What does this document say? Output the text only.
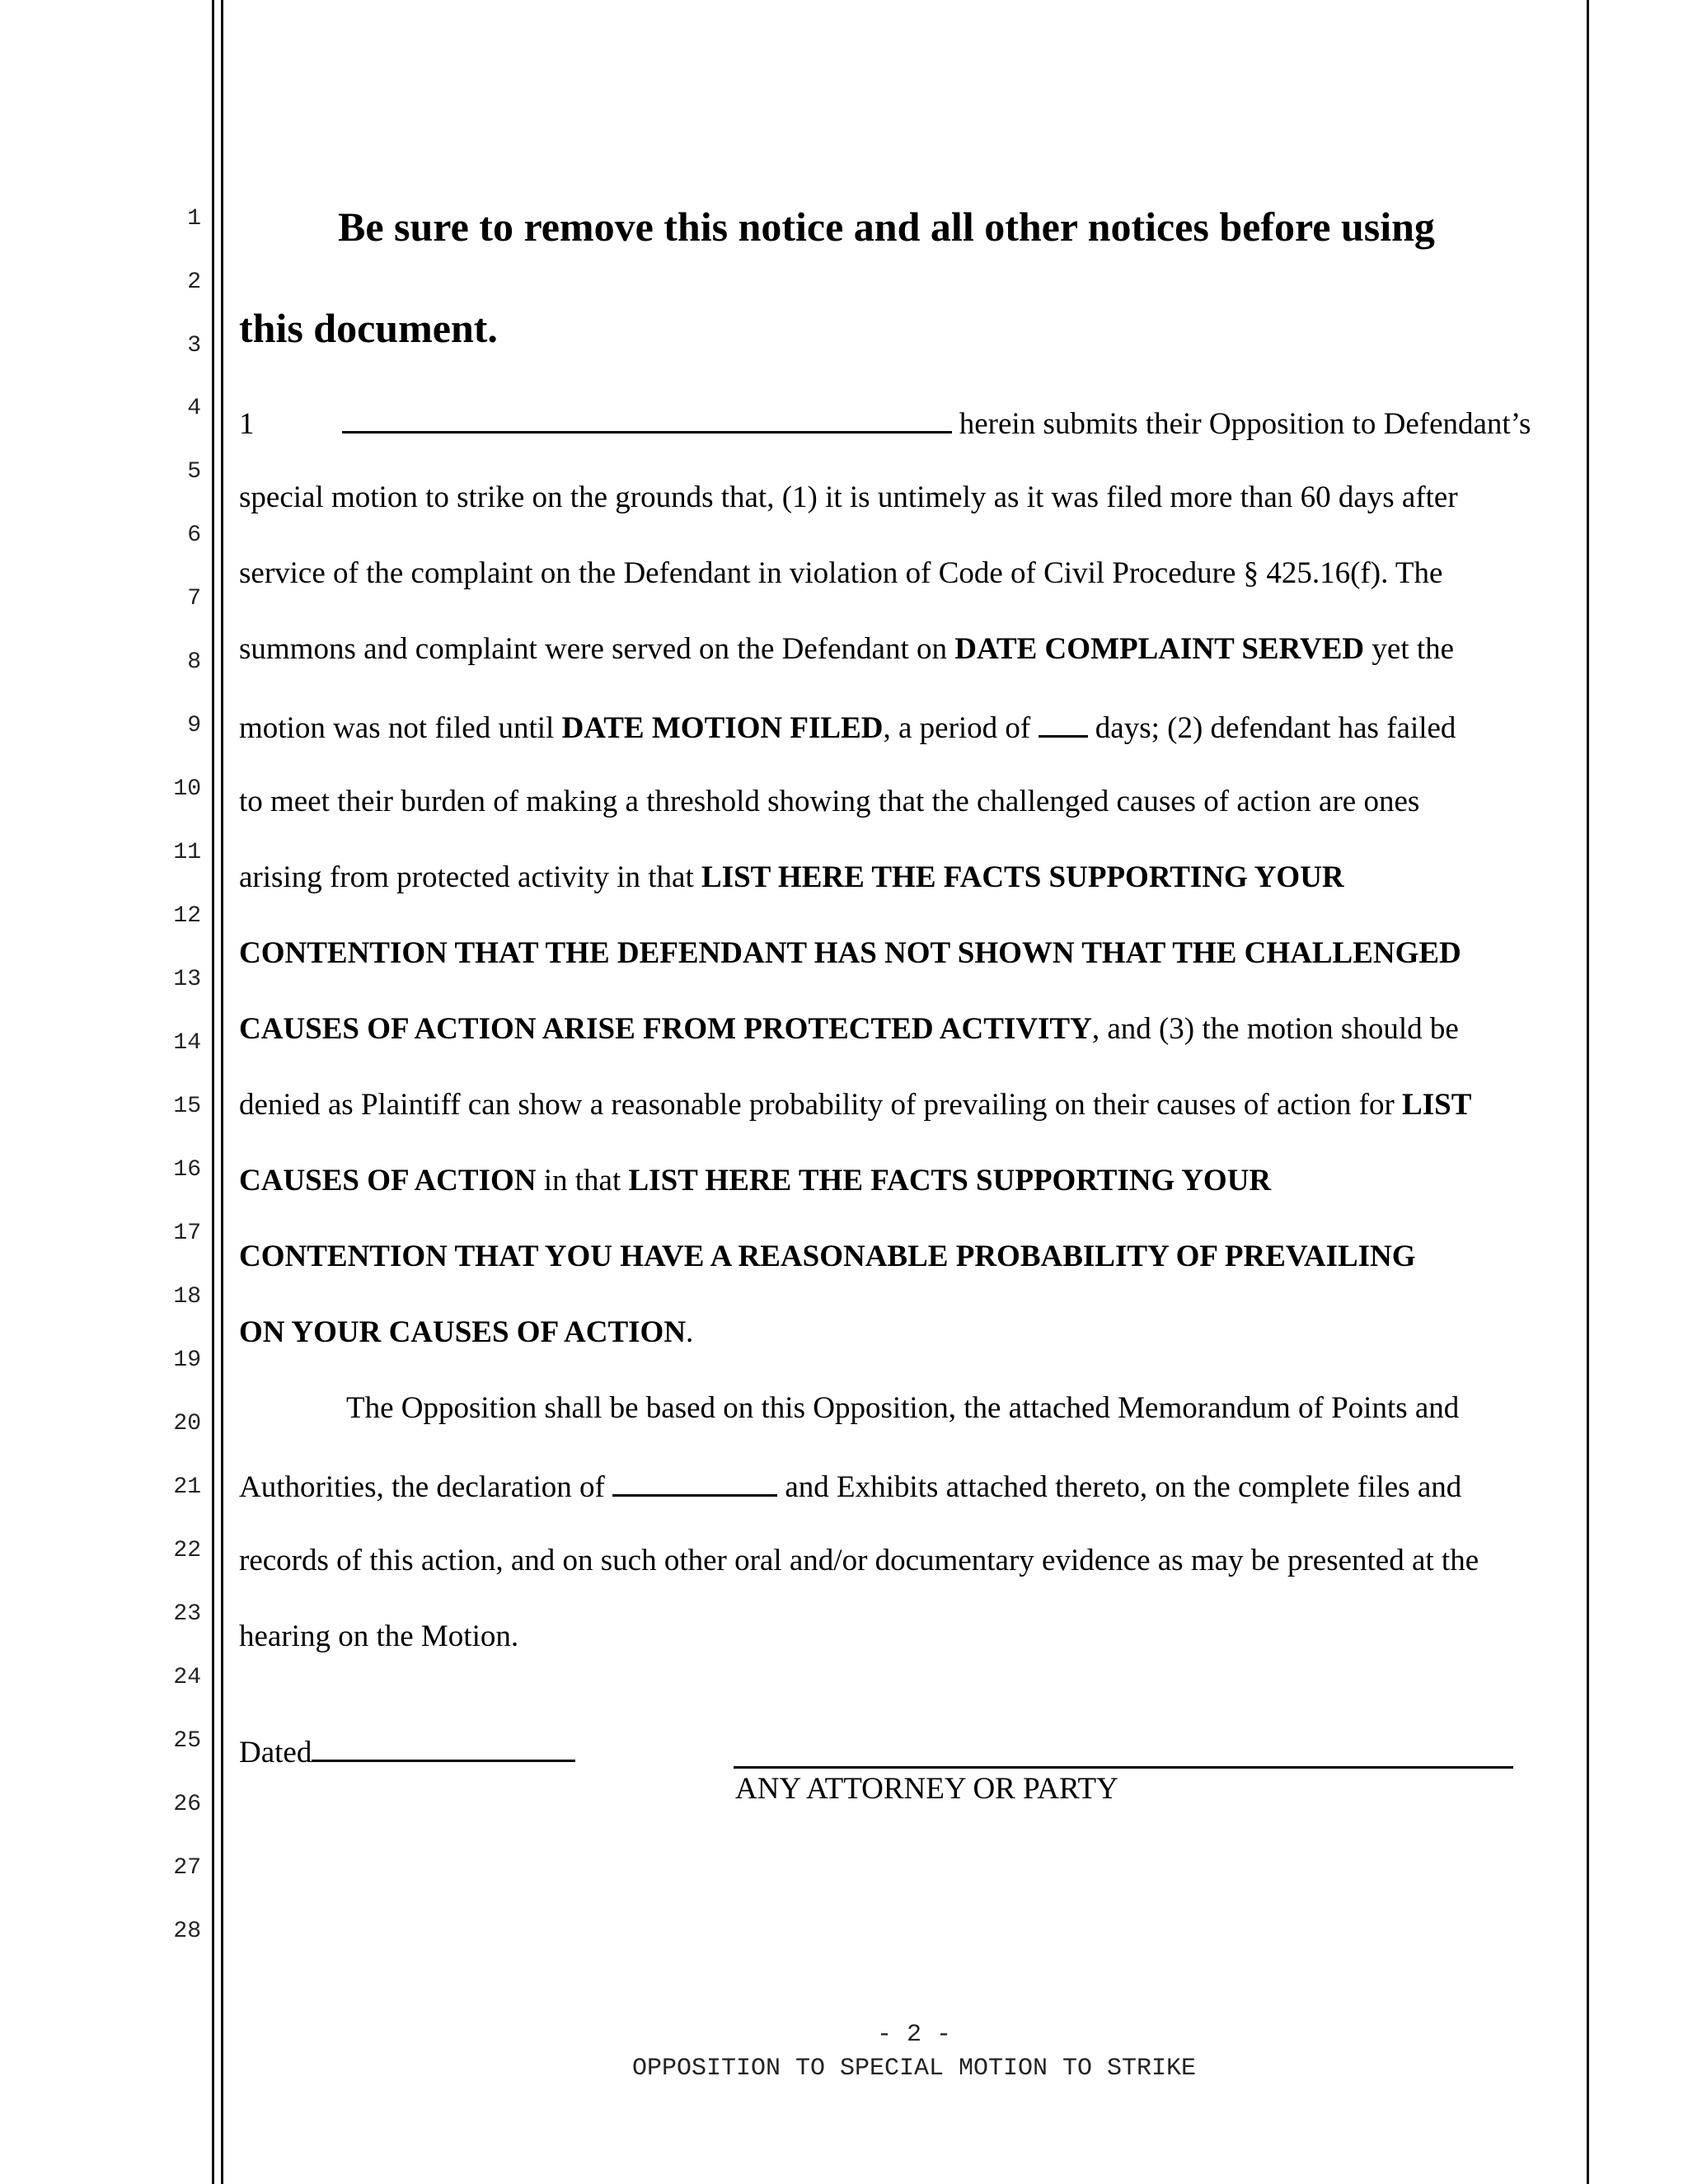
1
2
3
4
5
6
7
8
9
10
11
12
13
14
15
16
17
18
19
20
21
22
23
24
25
26
27
28
Be sure to remove this notice and all other notices before using
this document.
1	herein submits their Opposition to Defendant’s
special motion to strike on the grounds that, (1) it is untimely as it was filed more than 60 days after
service of the complaint on the Defendant in violation of Code of Civil Procedure § 425.16(f). The
summons and complaint were served on the Defendant on DATE COMPLAINT SERVED yet the
motion was not filed until DATE MOTION FILED, a period of  days; (2) defendant has failed
to meet their burden of making a threshold showing that the challenged causes of action are ones
arising from protected activity in that LIST HERE THE FACTS SUPPORTING YOUR
CONTENTION THAT THE DEFENDANT HAS NOT SHOWN THAT THE CHALLENGED
CAUSES OF ACTION ARISE FROM PROTECTED ACTIVITY, and (3) the motion should be
denied as Plaintiff can show a reasonable probability of prevailing on their causes of action for LIST
CAUSES OF ACTION in that LIST HERE THE FACTS SUPPORTING YOUR
CONTENTION THAT YOU HAVE A REASONABLE PROBABILITY OF PREVAILING
ON YOUR CAUSES OF ACTION.
The Opposition shall be based on this Opposition, the attached Memorandum of Points and
Authorities, the declaration of	and Exhibits attached thereto, on the complete files and
records of this action, and on such other oral and/or documentary evidence as may be presented at the
hearing on the Motion.
Dated
ANY ATTORNEY OR PARTY
- 2 -
OPPOSITION TO SPECIAL MOTION TO STRIKE
